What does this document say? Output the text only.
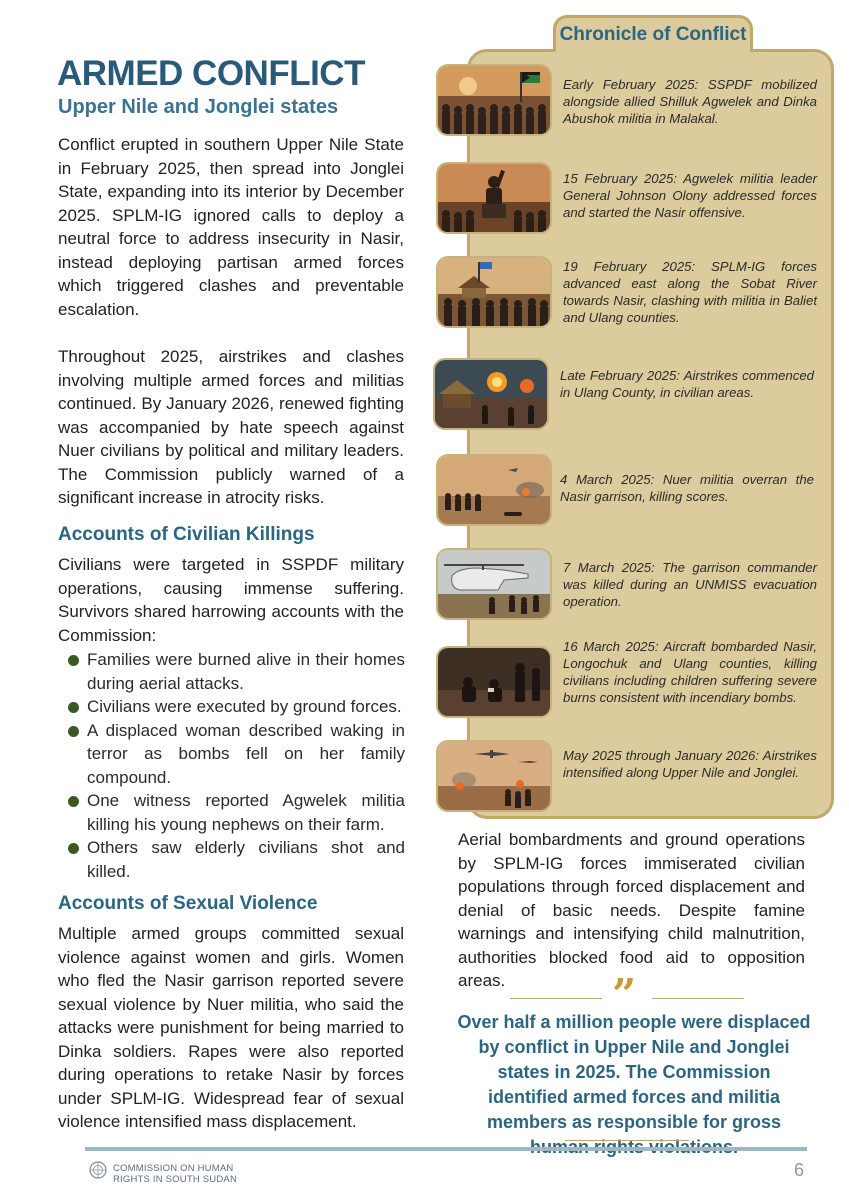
ARMED CONFLICT
Upper Nile and Jonglei states
Conflict erupted in southern Upper Nile State in February 2025, then spread into Jonglei State, expanding into its interior by December 2025. SPLM-IG ignored calls to deploy a neutral force to address insecurity in Nasir, instead deploying partisan armed forces which triggered clashes and preventable escalation.
Throughout 2025, airstrikes and clashes involving multiple armed forces and militias continued. By January 2026, renewed fighting was accompanied by hate speech against Nuer civilians by political and military leaders. The Commission publicly warned of a significant increase in atrocity risks.
Accounts of Civilian Killings
Civilians were targeted in SSPDF military operations, causing immense suffering. Survivors shared harrowing accounts with the Commission:
Families were burned alive in their homes during aerial attacks.
Civilians were executed by ground forces.
A displaced woman described waking in terror as bombs fell on her family compound.
One witness reported Agwelek militia killing his young nephews on their farm.
Others saw elderly civilians shot and killed.
Accounts of Sexual Violence
Multiple armed groups committed sexual violence against women and girls. Women who fled the Nasir garrison reported severe sexual violence by Nuer militia, who said the attacks were punishment for being married to Dinka soldiers. Rapes were also reported during operations to retake Nasir by forces under SPLM-IG. Widespread fear of sexual violence intensified mass displacement.
Chronicle of Conflict
Early February 2025: SSPDF mobilized alongside allied Shilluk Agwelek and Dinka Abushok militia in Malakal.
15 February 2025: Agwelek militia leader General Johnson Olony addressed forces and started the Nasir offensive.
19 February 2025: SPLM-IG forces advanced east along the Sobat River towards Nasir, clashing with militia in Baliet and Ulang counties.
Late February 2025: Airstrikes commenced in Ulang County, in civilian areas.
4 March 2025: Nuer militia overran the Nasir garrison, killing scores.
7 March 2025: The garrison commander was killed during an UNMISS evacuation operation.
16 March 2025: Aircraft bombarded Nasir, Longochuk and Ulang counties, killing civilians including children suffering severe burns consistent with incendiary bombs.
May 2025 through January 2026: Airstrikes intensified along Upper Nile and Jonglei.
Aerial bombardments and ground operations by SPLM-IG forces immiserated civilian populations through forced displacement and denial of basic needs. Despite famine warnings and intensifying child malnutrition, authorities blocked food aid to opposition areas.	”
Over half a million people were displaced by conflict in Upper Nile and Jonglei states in 2025. The Commission identified armed forces and militia members as responsible for gross
COMMISSION ON HUMAN
RIGHTS IN SOUTH SUDAN	6
